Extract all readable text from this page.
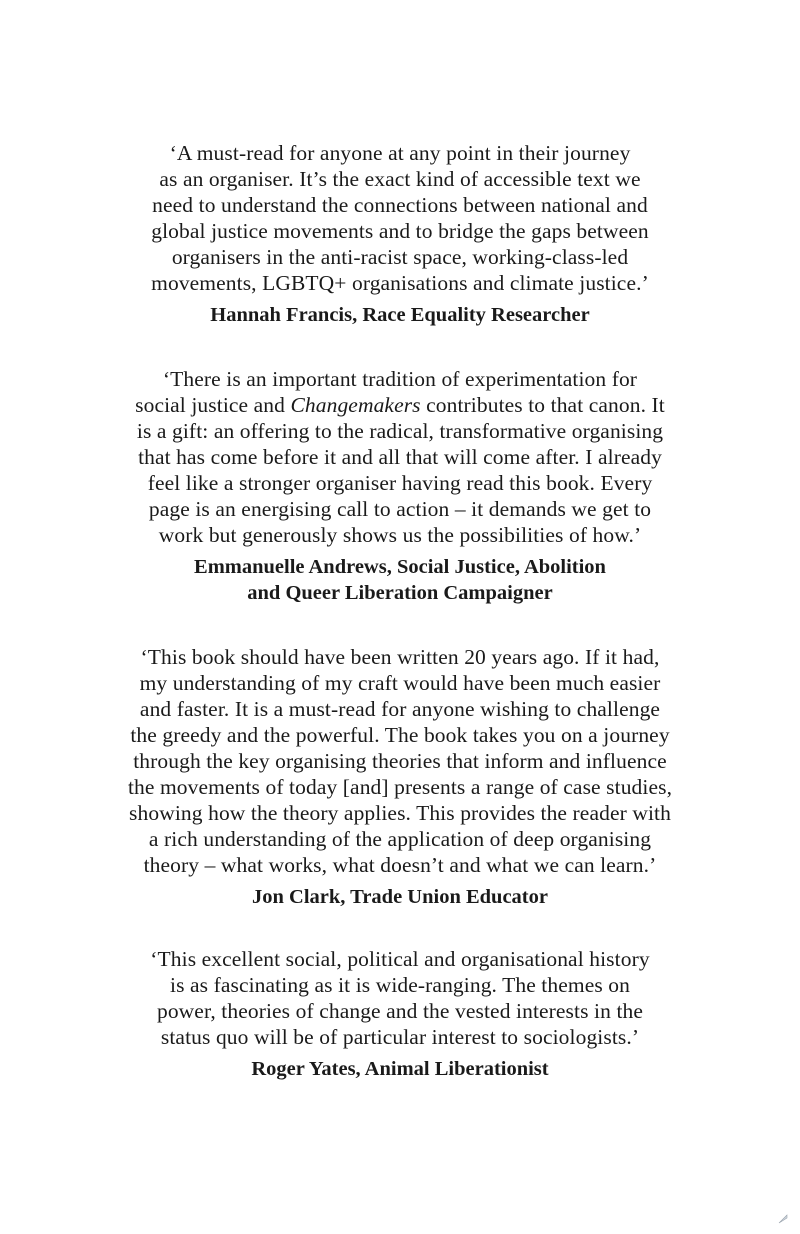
‘A must-read for anyone at any point in their journey
as an organiser. It’s the exact kind of accessible text we
need to understand the connections between national and
global justice movements and to bridge the gaps between
organisers in the anti-racist space, working-class-led
movements, LGBTQ+ organisations and climate justice.’
Hannah Francis, Race Equality Researcher
‘There is an important tradition of experimentation for
social justice and Changemakers contributes to that canon. It
is a gift: an offering to the radical, transformative organising
that has come before it and all that will come after. I already
feel like a stronger organiser having read this book. Every
page is an energising call to action – it demands we get to
work but generously shows us the possibilities of how.’
Emmanuelle Andrews, Social Justice, Abolition
and Queer Liberation Campaigner
‘This book should have been written 20 years ago. If it had,
my understanding of my craft would have been much easier
and faster. It is a must-read for anyone wishing to challenge
the greedy and the powerful. The book takes you on a journey
through the key organising theories that inform and influence
the movements of today [and] presents a range of case studies,
showing how the theory applies. This provides the reader with
a rich understanding of the application of deep organising
theory – what works, what doesn’t and what we can learn.’
Jon Clark, Trade Union Educator
‘This excellent social, political and organisational history
is as fascinating as it is wide-ranging. The themes on
power, theories of change and the vested interests in the
status quo will be of particular interest to sociologists.’
Roger Yates, Animal Liberationist
